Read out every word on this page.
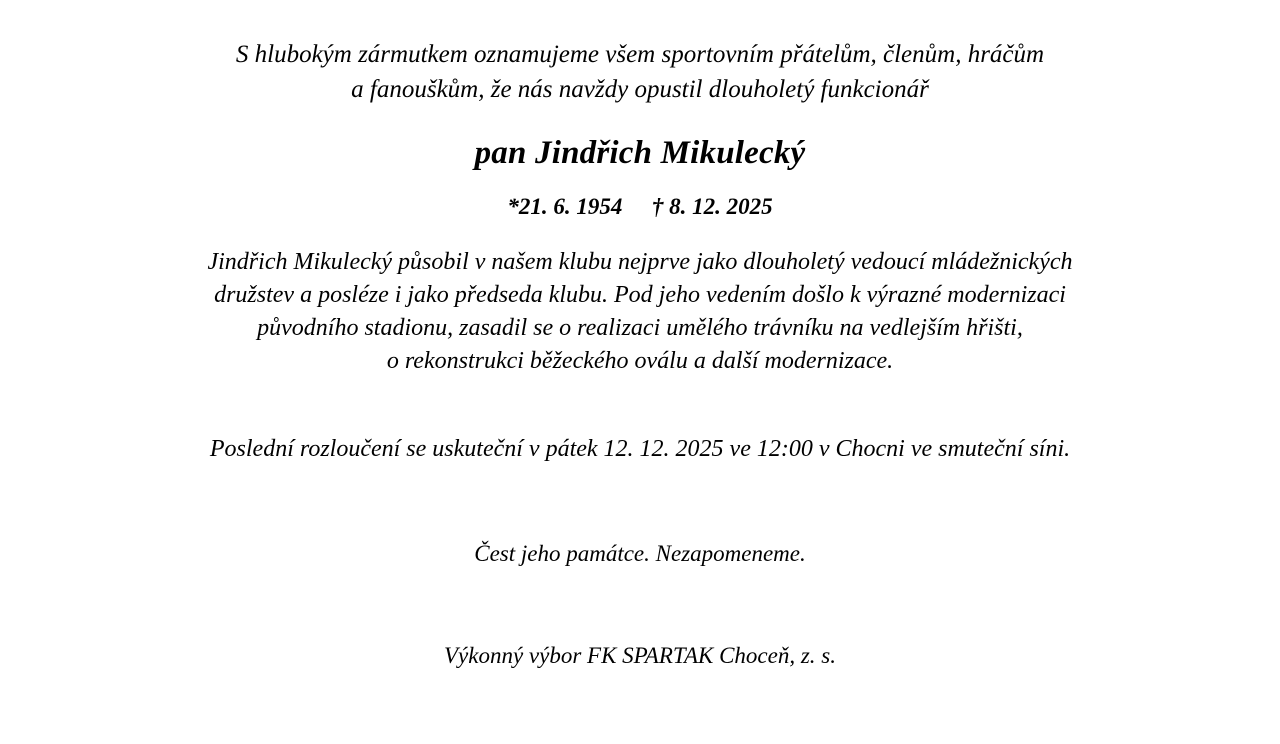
S hlubokým zármutkem oznamujeme všem sportovním přátelům, členům, hráčům
a fanouškům, že nás navždy opustil dlouholetý funkcionář
pan Jindřich Mikulecký
*21. 6. 1954 † 8. 12. 2025
Jindřich Mikulecký působil v našem klubu nejprve jako dlouholetý vedoucí mládežnických
družstev a posléze i jako předseda klubu. Pod jeho vedením došlo k výrazné modernizaci
původního stadionu, zasadil se o realizaci umělého trávníku na vedlejším hřišti,
o rekonstrukci běžeckého oválu a další modernizace.
Poslední rozloučení se uskuteční v pátek 12. 12. 2025 ve 12:00 v Chocni ve smuteční síni.
Čest jeho památce. Nezapomeneme.
Výkonný výbor FK SPARTAK Choceň, z. s.
